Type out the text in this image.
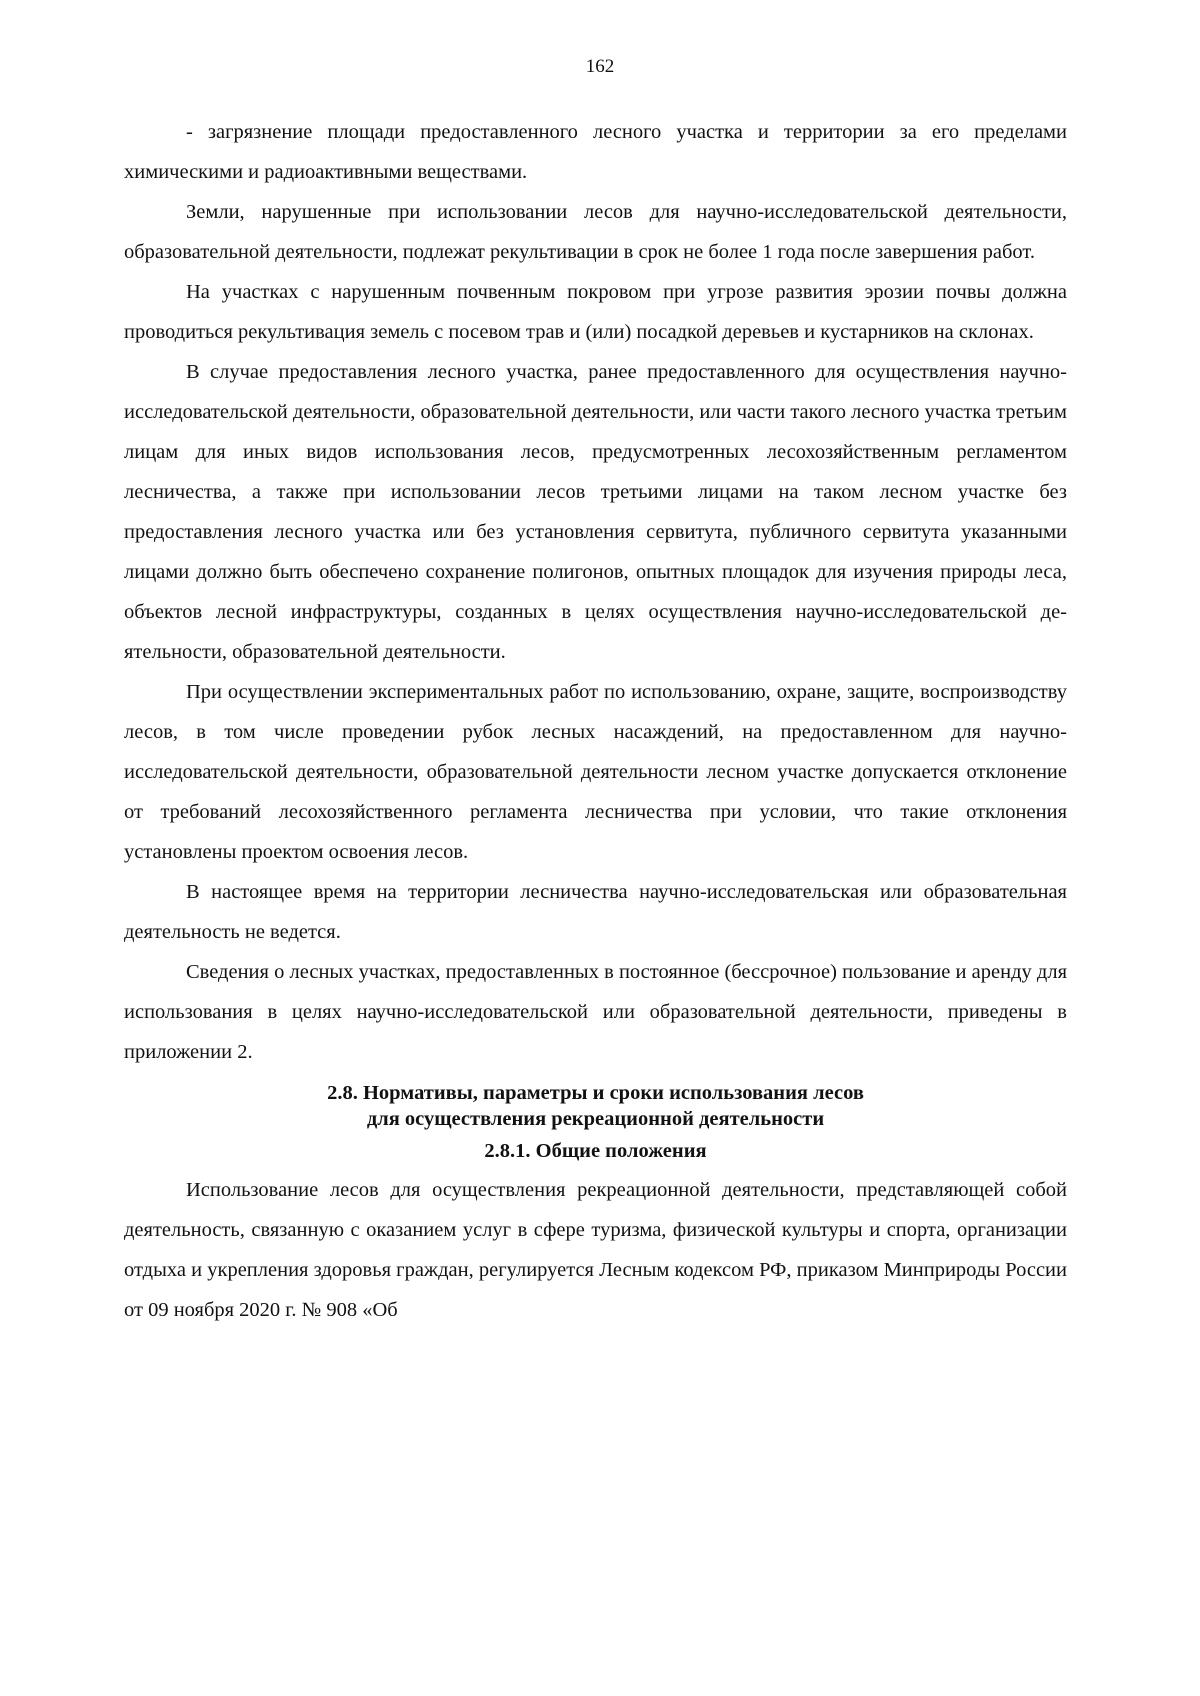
162

- загрязнение площади предоставленного лесного участка и территории за его пределами химическими и радиоактивными веществами.

Земли, нарушенные при использовании лесов для научно-исследовательской деятельности, образовательной деятельности, подлежат рекультивации в срок не более 1 года после завершения работ.

На участках с нарушенным почвенным покровом при угрозе развития эрозии почвы должна проводиться рекультивация земель с посевом трав и (или) посадкой деревьев и кустарников на склонах.

В случае предоставления лесного участка, ранее предоставленного для осуществления научно-исследовательской деятельности, образовательной деятельности, или части такого лесного участка третьим лицам для иных видов использования лесов, предусмотренных лесохозяйственным регламентом лесничества, а также при использовании лесов третьими лицами на таком лесном участке без предоставления лесного участка или без установления сервитута, публичного сервитута указанными лицами должно быть обеспечено сохранение полигонов, опытных площадок для изучения природы леса, объектов лесной инфраструктуры, созданных в целях осуществления научно-исследовательской деятельности, образовательной деятельности.

При осуществлении экспериментальных работ по использованию, охране, защите, воспроизводству лесов, в том числе проведении рубок лесных насаждений, на предоставленном для научно-исследовательской деятельности, образовательной деятельности лесном участке допускается отклонение от требований лесохозяйственного регламента лесничества при условии, что такие отклонения установлены проектом освоения лесов.

В настоящее время на территории лесничества научно-исследовательская или образовательная деятельность не ведется.

Сведения о лесных участках, предоставленных в постоянное (бессрочное) пользование и аренду для использования в целях научно-исследовательской или образовательной деятельности, приведены в приложении 2.

2.8. Нормативы, параметры и сроки использования лесов для осуществления рекреационной деятельности
2.8.1. Общие положения

Использование лесов для осуществления рекреационной деятельности, представляющей собой деятельность, связанную с оказанием услуг в сфере туризма, физической культуры и спорта, организации отдыха и укрепления здоровья граждан, регулируется Лесным кодексом РФ, приказом Минприроды России от 09 ноября 2020 г. № 908 «Об
